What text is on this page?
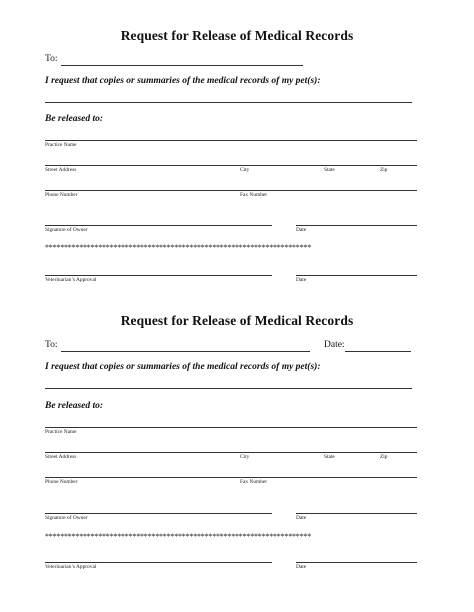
Request for Release of Medical Records
To:
I request that copies or summaries of the medical records of my pet(s):
Be released to:
Practice Name
Street Address	City	State	Zip
Phone Number	Fax Number
Signature of Owner	Date
**********************************************************************
Veterinarian’s Approval	Date
Request for Release of Medical Records
To:	Date:
I request that copies or summaries of the medical records of my pet(s):
Be released to:
Practice Name
Street Address	City	State	Zip
Phone Number	Fax Number
Signature of Owner	Date
**********************************************************************
Veterinarian’s Approval	Date
